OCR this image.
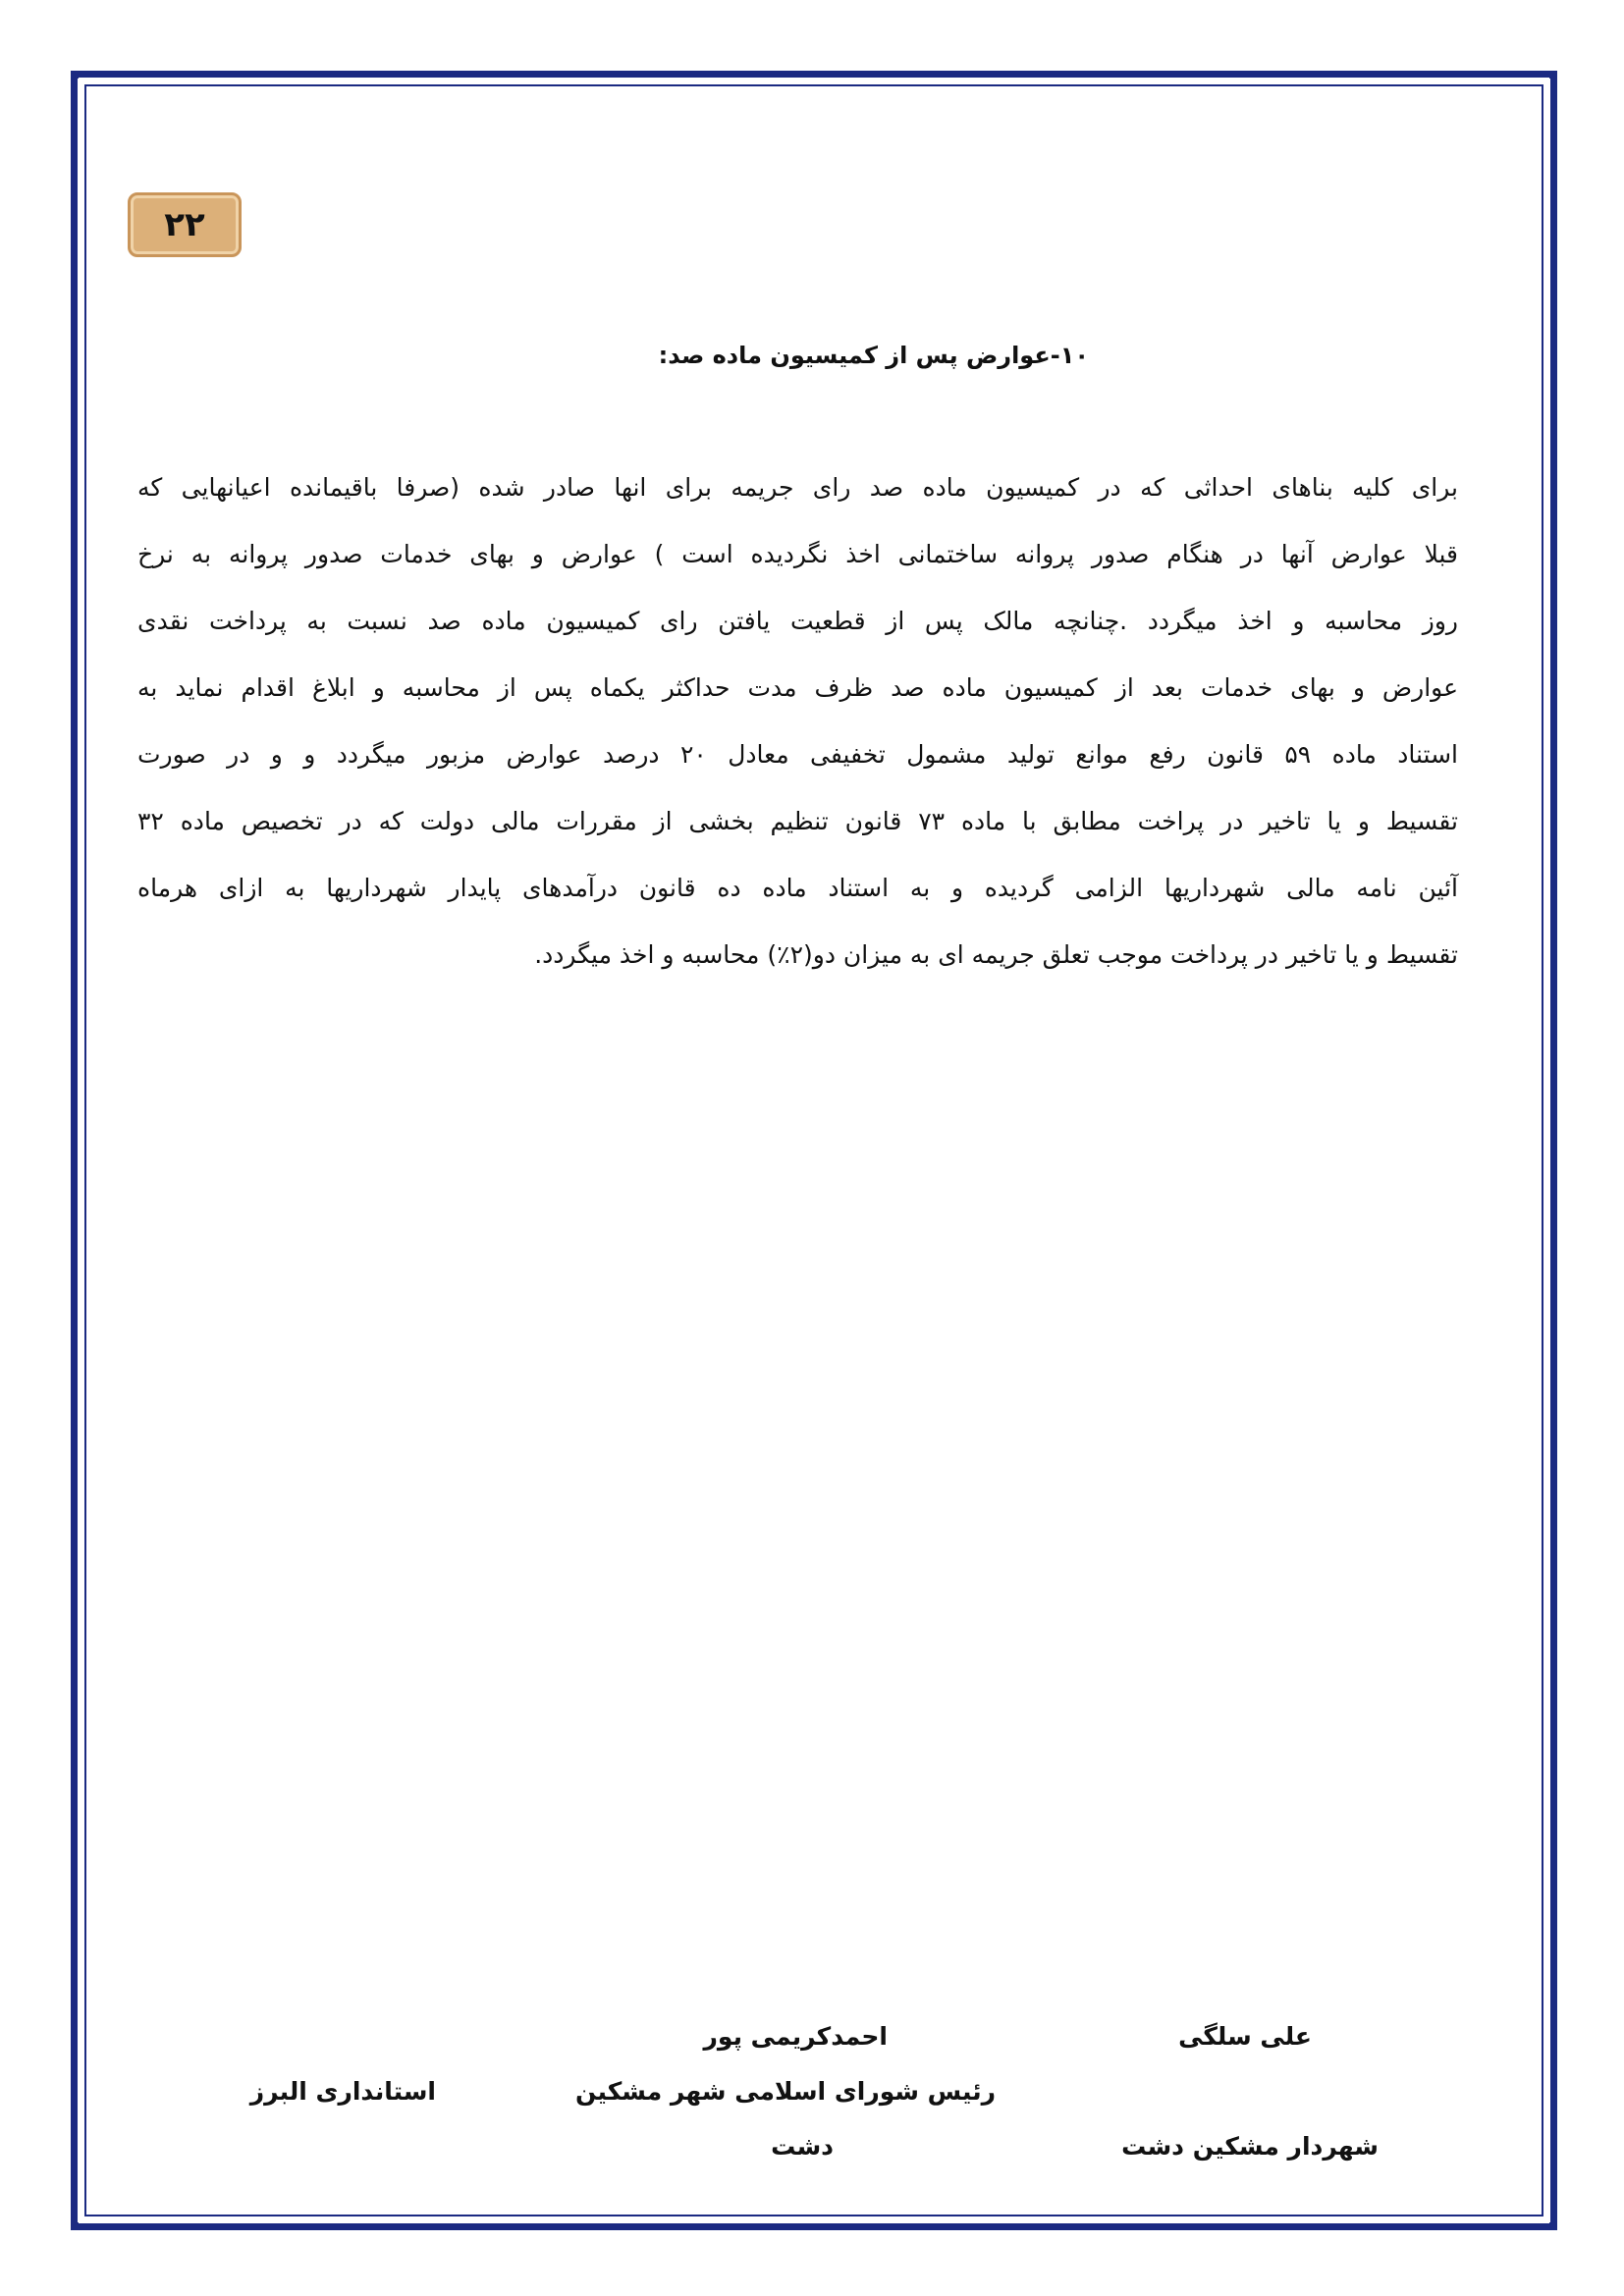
۲۲
۱۰-عوارض پس از کمیسیون ماده صد:
برای کلیه بناهای احداثی که در کمیسیون ماده صد رای جریمه برای انها صادر شده (صرفا باقیمانده اعیانهایی که
قبلا عوارض آنها در هنگام صدور پروانه ساختمانی اخذ نگردیده است ) عوارض و بهای خدمات صدور پروانه به نرخ
روز محاسبه و اخذ میگردد .چنانچه مالک پس از قطعیت یافتن رای کمیسیون ماده صد نسبت به پرداخت نقدی
عوارض و بهای خدمات بعد از کمیسیون ماده صد ظرف مدت حداکثر یکماه پس از محاسبه و ابلاغ اقدام نماید به
استناد ماده ۵۹ قانون رفع موانع تولید مشمول تخفیفی معادل ۲۰ درصد عوارض مزبور میگردد و و در صورت
تقسیط و یا تاخیر در پراخت مطابق با ماده ۷۳ قانون تنظیم بخشی از مقررات مالی دولت که در تخصیص ماده ۳۲
آئین نامه مالی شهرداریها الزامی گردیده و به استناد ماده ده قانون درآمدهای پایدار شهرداریها به ازای هرماه
تقسیط و یا تاخیر در پرداخت موجب تعلق جریمه ای به میزان دو(۲٪) محاسبه و اخذ میگردد.
علی سلگی
شهردار مشکین دشت
احمدکریمی پور
رئیس شورای اسلامی شهر مشکین
دشت
استانداری البرز
